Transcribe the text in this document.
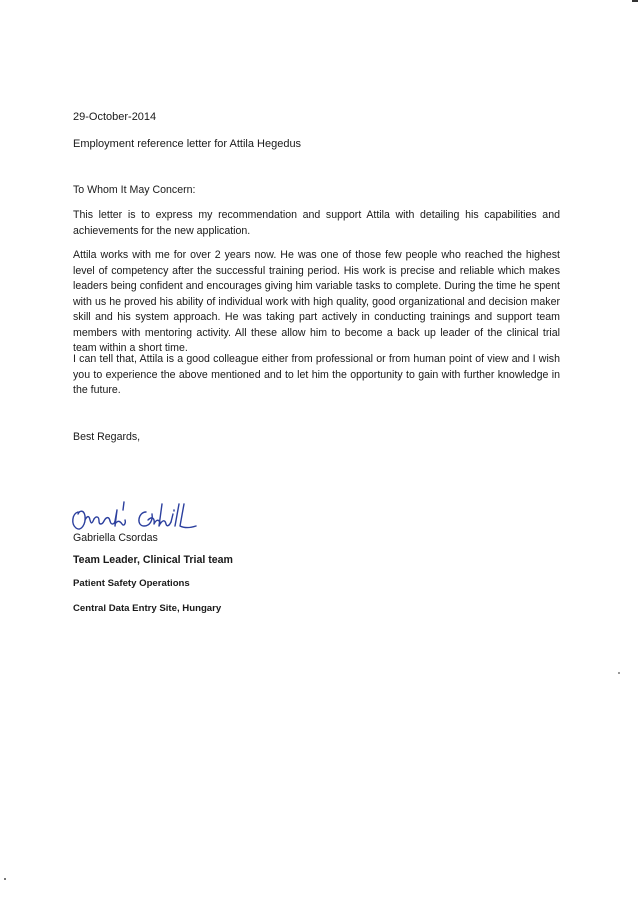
29-October-2014

Employment reference letter for Attila Hegedus

To Whom It May Concern:

This letter is to express my recommendation and support Attila with detailing his capabilities and achievements for the new application.

Attila works with me for over 2 years now. He was one of those few people who reached the highest level of competency after the successful training period. His work is precise and reliable which makes leaders being confident and encourages giving him variable tasks to complete. During the time he spent with us he proved his ability of individual work with high quality, good organizational and decision maker skill and his system approach. He was taking part actively in conducting trainings and support team members with mentoring activity. All these allow him to become a back up leader of the clinical trial team within a short time.

I can tell that, Attila is a good colleague either from professional or from human point of view and I wish you to experience the above mentioned and to let him the opportunity to gain with further knowledge in the future.

Best Regards,

Gabriella Csordas

Team Leader, Clinical Trial team

Patient Safety Operations

Central Data Entry Site, Hungary
